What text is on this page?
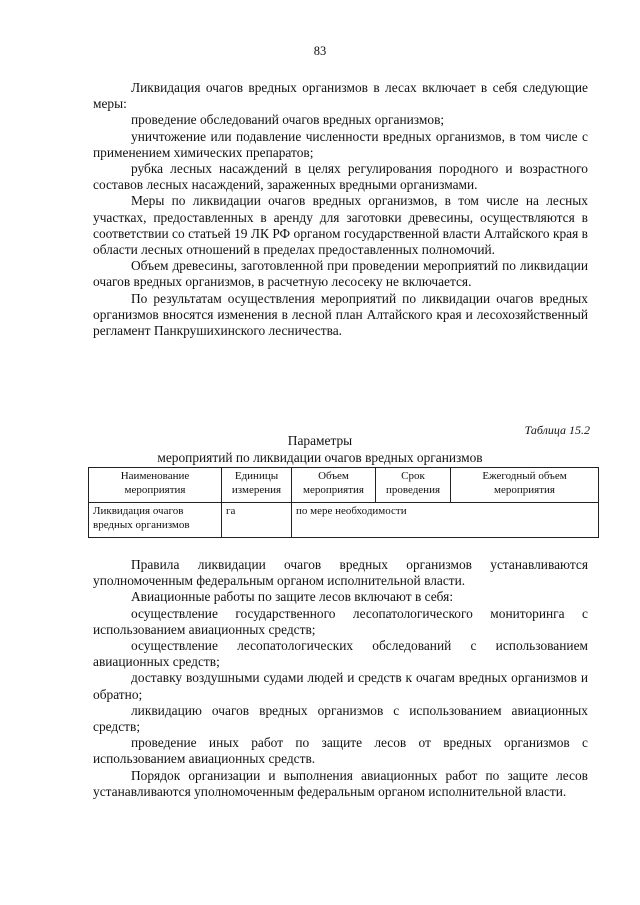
83

Ликвидация очагов вредных организмов в лесах включает в себя следующие меры:

проведение обследований очагов вредных организмов;

уничтожение или подавление численности вредных организмов, в том числе с применением химических препаратов;

рубка лесных насаждений в целях регулирования породного и возрастного составов лесных насаждений, зараженных вредными организмами.

Меры по ликвидации очагов вредных организмов, в том числе на лесных участках, предоставленных в аренду для заготовки древесины, осуществляются в соответствии со статьей 19 ЛК РФ органом государственной власти Алтайского края в области лесных отношений в пределах предоставленных полномочий.

Объем древесины, заготовленной при проведении мероприятий по ликвидации очагов вредных организмов, в расчетную лесосеку не включается.

По результатам осуществления мероприятий по ликвидации очагов вредных организмов вносятся изменения в лесной план Алтайского края и лесохозяйственный регламент Панкрушихинского лесничества.

Таблица 15.2
Параметры
мероприятий по ликвидации очагов вредных организмов
Наименование мероприятия	Единицы измерения	Объем мероприятия	Срок проведения	Ежегодный объем мероприятия
Ликвидация очагов вредных организмов	га	по мере необходимости		

Правила ликвидации очагов вредных организмов устанавливаются уполномоченным федеральным органом исполнительной власти.

Авиационные работы по защите лесов включают в себя:

осуществление государственного лесопатологического мониторинга с использованием авиационных средств;

осуществление лесопатологических обследований с использованием авиационных средств;

доставку воздушными судами людей и средств к очагам вредных организмов и обратно;

ликвидацию очагов вредных организмов с использованием авиационных средств;

проведение иных работ по защите лесов от вредных организмов с использованием авиационных средств.

Порядок организации и выполнения авиационных работ по защите лесов устанавливаются уполномоченным федеральным органом исполнительной власти.
